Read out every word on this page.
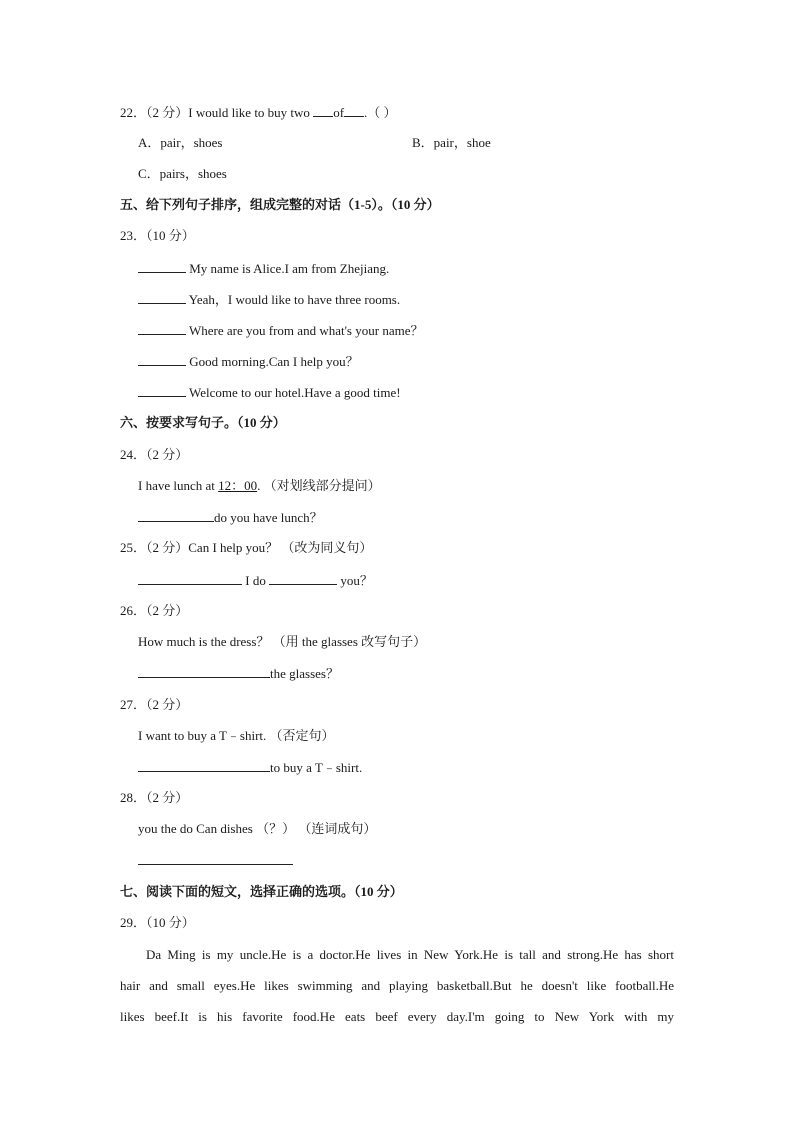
22．（2 分）I would like to buy two of .（ ）
A．pair，shoes	B．pair，shoe
C．pairs，shoes
五、给下列句子排序，组成完整的对话（1-5）。（10 分）
23．（10 分）
My name is Alice.I am from Zhejiang.
Yeah，I would like to have three rooms.
Where are you from and what's your name？
Good morning.Can I help you？
Welcome to our hotel.Have a good time!
六、按要求写句子。（10 分）
24．（2 分）
I have lunch at 12：00. （对划线部分提问）
do you have lunch？
25．（2 分）Can I help you？ （改为同义句）
I do	you？
26．（2 分）
How much is the dress？ （用 the glasses 改写句子）
the glasses？
27．（2 分）
I want to buy a T﹣shirt. （否定句）
to buy a T﹣shirt.
28．（2 分）
you the do Can dishes （？） （连词成句）
七、阅读下面的短文，选择正确的选项。（10 分）
29．（10 分）
Da Ming is my uncle.He is a doctor.He lives in New York.He is tall and strong.He has short
hair and small eyes.He likes swimming and playing basketball.But he doesn't like football.He
likes beef.It is his favorite food.He eats beef every day.I'm going to New York with my
